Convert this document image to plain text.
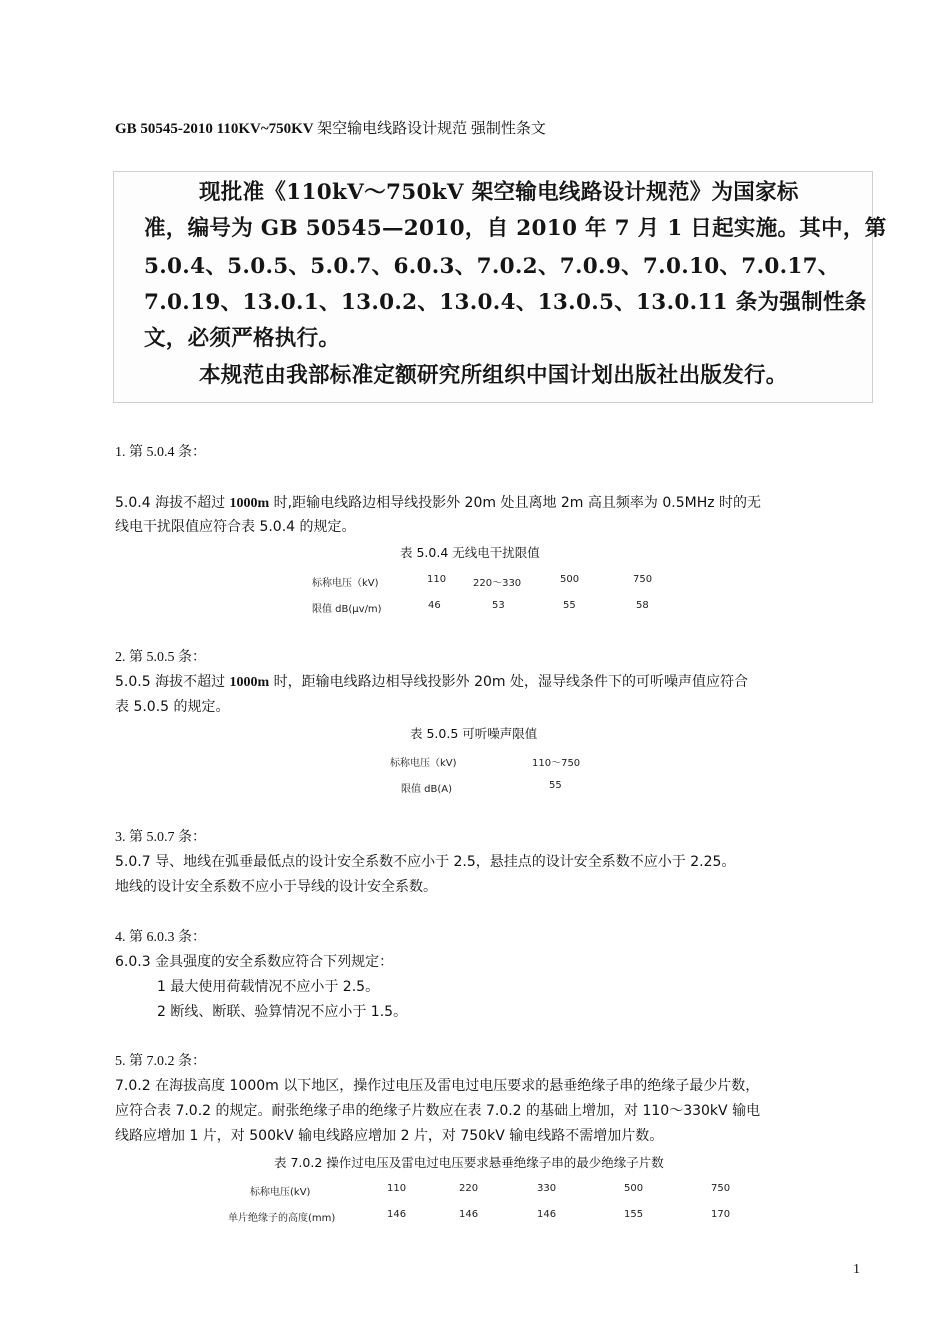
GB 50545-2010 110KV~750KV 架空输电线路设计规范 强制性条文
现批准《110kV～750kV 架空输电线路设计规范》为国家标
准，编号为 GB 50545—2010，自 2010 年 7 月 1 日起实施。其中，第
5.0.4、5.0.5、5.0.7、6.0.3、7.0.2、7.0.9、7.0.10、7.0.17、
7.0.19、13.0.1、13.0.2、13.0.4、13.0.5、13.0.11 条为强制性条
文，必须严格执行。
本规范由我部标准定额研究所组织中国计划出版社出版发行。
1. 第 5.0.4 条：
5.0.4 海拔不超过 1000m 时,距输电线路边相导线投影外 20m 处且离地 2m 高且频率为 0.5MHz 时的无
线电干扰限值应符合表 5.0.4 的规定。
表 5.0.4 无线电干扰限值
标称电压（kV)	110	220～330	500	750
限值 dB(μv/m)	46	53	55	58
2. 第 5.0.5 条：
5.0.5 海拔不超过 1000m 时，距输电线路边相导线投影外 20m 处，湿导线条件下的可听噪声值应符合
表 5.0.5 的规定。
表 5.0.5 可听噪声限值
标称电压（kV)	110～750
限值 dB(A)	55
3. 第 5.0.7 条：
5.0.7 导、地线在弧垂最低点的设计安全系数不应小于 2.5，悬挂点的设计安全系数不应小于 2.25。
地线的设计安全系数不应小于导线的设计安全系数。
4. 第 6.0.3 条：
6.0.3 金具强度的安全系数应符合下列规定：
1 最大使用荷载情况不应小于 2.5。
2 断线、断联、验算情况不应小于 1.5。
5. 第 7.0.2 条：
7.0.2 在海拔高度 1000m 以下地区，操作过电压及雷电过电压要求的悬垂绝缘子串的绝缘子最少片数，
应符合表 7.0.2 的规定。耐张绝缘子串的绝缘子片数应在表 7.0.2 的基础上增加，对 110～330kV 输电
线路应增加 1 片，对 500kV 输电线路应增加 2 片，对 750kV 输电线路不需增加片数。
表 7.0.2 操作过电压及雷电过电压要求悬垂绝缘子串的最少绝缘子片数
标称电压(kV)	110	220	330	500	750
单片绝缘子的高度(mm)	146	146	146	155	170
1
